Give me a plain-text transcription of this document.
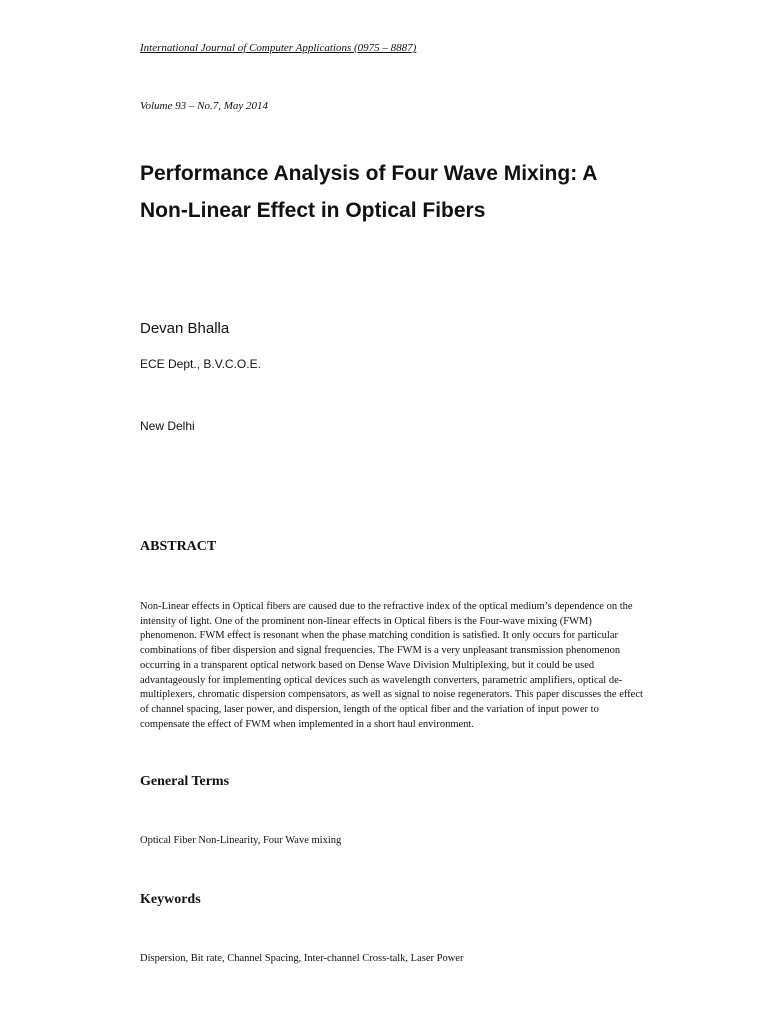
International Journal of Computer Applications (0975 – 8887)
Volume 93 – No.7, May 2014
Performance Analysis of Four Wave Mixing: A
Non-Linear Effect in Optical Fibers
Devan Bhalla
ECE Dept., B.V.C.O.E.
New Delhi
ABSTRACT
Non-Linear effects in Optical fibers are caused due to the refractive index of the optical medium’s dependence on the
intensity of light. One of the prominent non-linear effects in Optical fibers is the Four-wave mixing (FWM)
phenomenon. FWM effect is resonant when the phase matching condition is satisfied. It only occurs for particular
combinations of fiber dispersion and signal frequencies. The FWM is a very unpleasant transmission phenomenon
occurring in a transparent optical network based on Dense Wave Division Multiplexing, but it could be used
advantageously for implementing optical devices such as wavelength converters, parametric amplifiers, optical de-
multiplexers, chromatic dispersion compensators, as well as signal to noise regenerators. This paper discusses the effect
of channel spacing, laser power, and dispersion, length of the optical fiber and the variation of input power to
compensate the effect of FWM when implemented in a short haul environment.
General Terms
Optical Fiber Non-Linearity, Four Wave mixing
Keywords
Dispersion, Bit rate, Channel Spacing, Inter-channel Cross-talk, Laser Power
